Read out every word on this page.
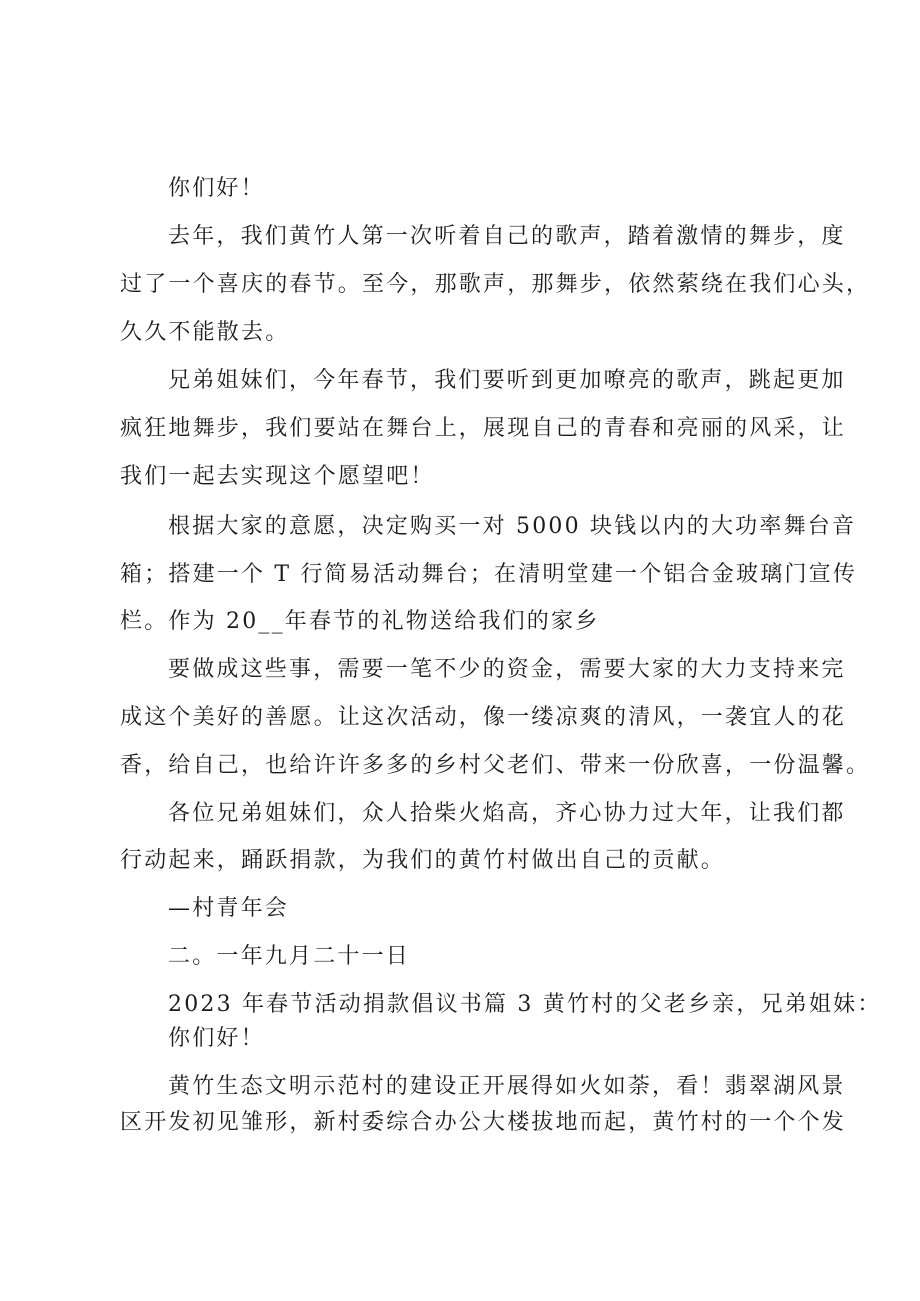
你们好！
去年，我们黄竹人第一次听着自己的歌声，踏着激情的舞步，度
过了一个喜庆的春节。至今，那歌声，那舞步，依然萦绕在我们心头，
久久不能散去。
兄弟姐妹们，今年春节，我们要听到更加嘹亮的歌声，跳起更加
疯狂地舞步，我们要站在舞台上，展现自己的青春和亮丽的风采，让
我们一起去实现这个愿望吧！
根据大家的意愿，决定购买一对 5000 块钱以内的大功率舞台音
箱；搭建一个 T 行简易活动舞台；在清明堂建一个铝合金玻璃门宣传
栏。作为 20__年春节的礼物送给我们的家乡
要做成这些事，需要一笔不少的资金，需要大家的大力支持来完
成这个美好的善愿。让这次活动，像一缕凉爽的清风，一袭宜人的花
香，给自己，也给许许多多的乡村父老们、带来一份欣喜，一份温馨。
各位兄弟姐妹们，众人拾柴火焰高，齐心协力过大年，让我们都
行动起来，踊跃捐款，为我们的黄竹村做出自己的贡献。
—村青年会
二。一年九月二十一日
2023 年春节活动捐款倡议书篇 3 黄竹村的父老乡亲，兄弟姐妹：
你们好！
黄竹生态文明示范村的建设正开展得如火如荼，看！翡翠湖风景
区开发初见雏形，新村委综合办公大楼拔地而起，黄竹村的一个个发
